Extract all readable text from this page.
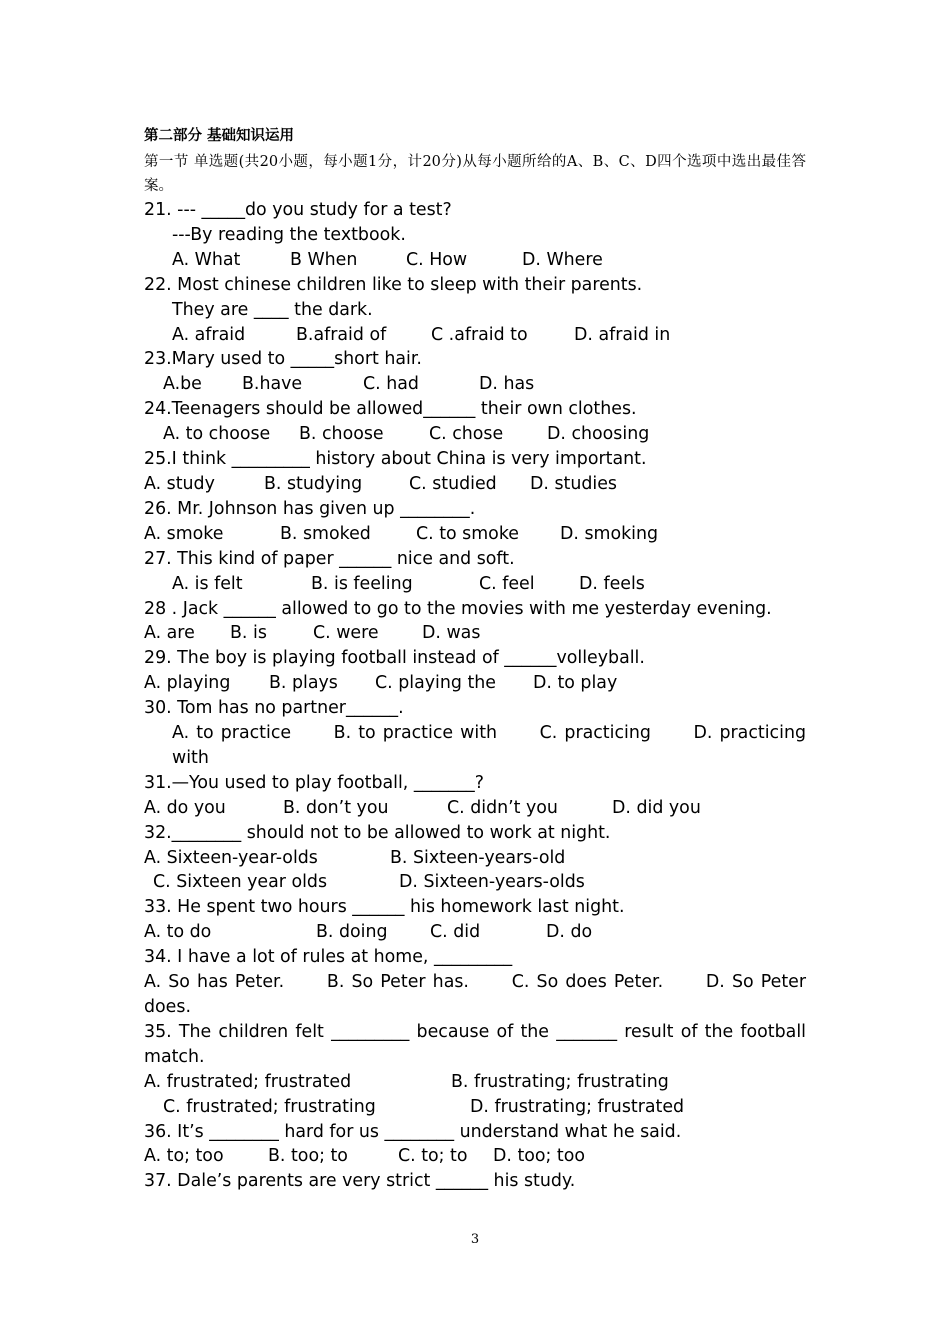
第二部分 基础知识运用
第一节 单选题(共20小题，每小题1分，计20分)从每小题所给的A、B、C、D四个选项中选出最佳答案。
21. --- _____do you study for a test?
---By reading the textbook.
A. What	B When	C. How	D. Where
22. Most chinese children like to sleep with their parents.
They are ____ the dark.
A. afraid	B.afraid of	C .afraid to	D. afraid in
23.Mary used to _____short hair.
A.be	B.have	C. had	D. has
24.Teenagers should be allowed______ their own clothes.
A. to choose	B. choose	C. chose	D. choosing
25.I think _________ history about China is very important.
A. study	B. studying	C. studied	D. studies
26. Mr. Johnson has given up ________.
A. smoke	B. smoked	C. to smoke	D. smoking
27. This kind of paper ______ nice and soft.
A. is felt	B. is feeling	C. feel	D. feels
28 . Jack ______ allowed to go to the movies with me yesterday evening.
A. are	B. is	C. were	D. was
29. The boy is playing football instead of ______volleyball.
A. playing	B. plays	C. playing the	D. to play
30. Tom has no partner______.
A. to practice B. to practice with C. practicing D. practicing with
31.—You used to play football, _______?
A. do you	B. don’t you	C. didn’t you	D. did you
32.________ should not to be allowed to work at night.
A. Sixteen-year-olds	B. Sixteen-years-old
C. Sixteen year olds	D. Sixteen-years-olds
33. He spent two hours ______ his homework last night.
A. to do	B. doing	C. did	D. do
34. I have a lot of rules at home, _________
A. So has Peter. B. So Peter has. C. So does Peter. D. So Peter does.
35. The children felt _________ because of the _______ result of the football match.
A. frustrated; frustrated	B. frustrating; frustrating
C. frustrated; frustrating	D. frustrating; frustrated
36. It’s ________ hard for us ________ understand what he said.
A. to; too	B. too; to	C. to; to	D. too; too
37. Dale’s parents are very strict ______ his study.
3
